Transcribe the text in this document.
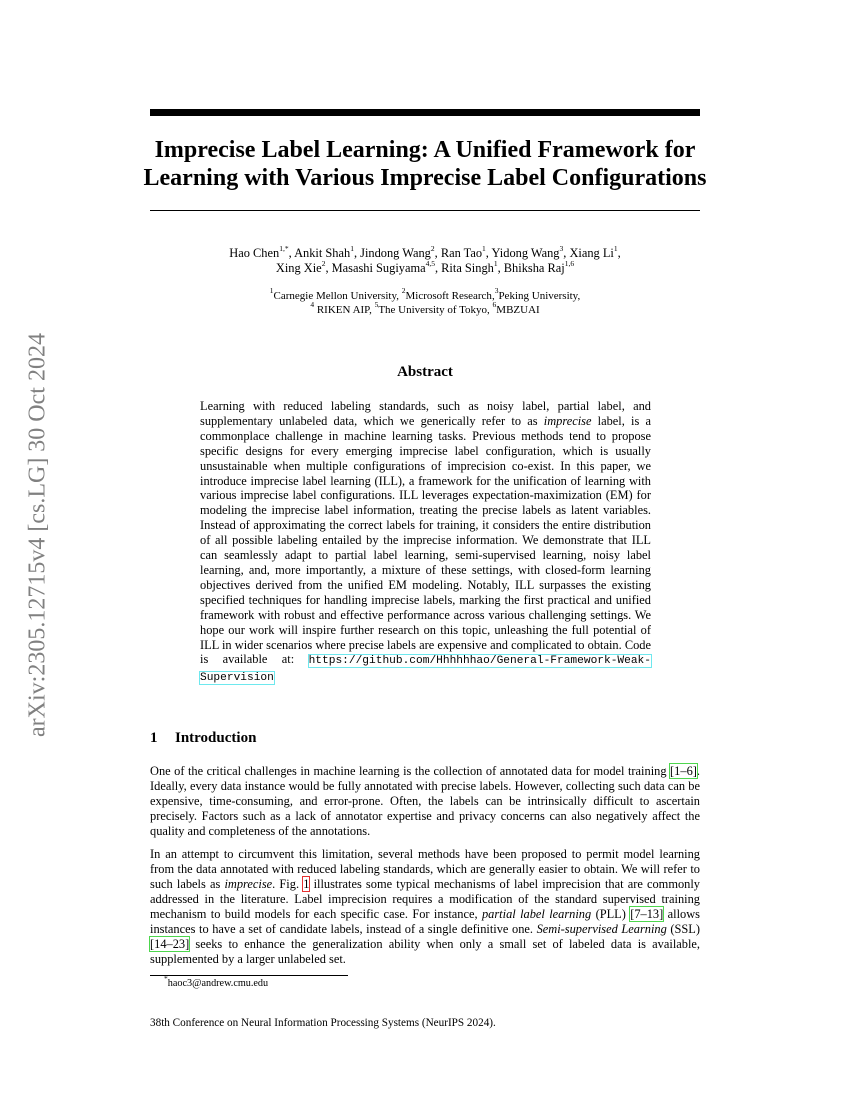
arXiv:2305.12715v4 [cs.LG] 30 Oct 2024
Imprecise Label Learning: A Unified Framework for
Learning with Various Imprecise Label Configurations
Hao Chen$^{1,*}$, Ankit Shah$^1$, Jindong Wang$^2$, Ran Tao$^1$, Yidong Wang$^3$, Xiang Li$^1$,
Xing Xie$^2$, Masashi Sugiyama$^{4,5}$, Rita Singh$^1$, Bhiksha Raj$^{1,6}$
$^1$Carnegie Mellon University, $^2$Microsoft Research,$^3$Peking University,
$^4$ RIKEN AIP, $^5$The University of Tokyo, $^6$MBZUAI
Abstract

Learning with reduced labeling standards, such as noisy label, partial label, and supplementary unlabeled data, which we generically refer to as imprecise label, is a commonplace challenge in machine learning tasks. Previous methods tend to propose specific designs for every emerging imprecise label configuration, which is usually unsustainable when multiple configurations of imprecision co-exist. In this paper, we introduce imprecise label learning (ILL), a framework for the unification of learning with various imprecise label configurations. ILL leverages expectation-maximization (EM) for modeling the imprecise label information, treating the precise labels as latent variables. Instead of approximating the correct labels for training, it considers the entire distribution of all possible labeling entailed by the imprecise information. We demonstrate that ILL can seamlessly adapt to partial label learning, semi-supervised learning, noisy label learning, and, more importantly, a mixture of these settings, with closed-form learning objectives derived from the unified EM modeling. Notably, ILL surpasses the existing specified techniques for handling imprecise labels, marking the first practical and unified framework with robust and effective performance across various challenging settings. We hope our work will inspire further research on this topic, unleashing the full potential of ILL in wider scenarios where precise labels are expensive and complicated to obtain. Code is available at: https://github.com/Hhhhhhao/General-Framework-Weak-Supervision

1 Introduction

One of the critical challenges in machine learning is the collection of annotated data for model training [1–6]. Ideally, every data instance would be fully annotated with precise labels. However, collecting such data can be expensive, time-consuming, and error-prone. Often, the labels can be intrinsically difficult to ascertain precisely. Factors such as a lack of annotator expertise and privacy concerns can also negatively affect the quality and completeness of the annotations.

In an attempt to circumvent this limitation, several methods have been proposed to permit model learning from the data annotated with reduced labeling standards, which are generally easier to obtain. We will refer to such labels as imprecise. Fig. 1 illustrates some typical mechanisms of label imprecision that are commonly addressed in the literature. Label imprecision requires a modification of the standard supervised training mechanism to build models for each specific case. For instance, partial label learning (PLL) [7–13] allows instances to have a set of candidate labels, instead of a single definitive one. Semi-supervised Learning (SSL) [14–23] seeks to enhance the generalization ability when only a small set of labeled data is available, supplemented by a larger unlabeled set.

*haoc3@andrew.cmu.edu
38th Conference on Neural Information Processing Systems (NeurIPS 2024).
